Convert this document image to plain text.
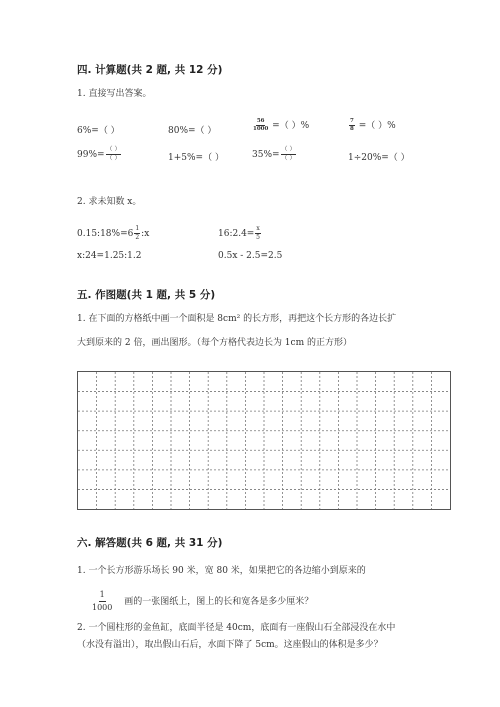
四. 计算题(共 2 题, 共 12 分)
1. 直接写出答案。
6%=（ ）	80%=（ ）	$\frac{56}{1000}$ =（ ）%	$\frac{7}{8}$ =（ ）%
$99\%= \frac{( )}{( )}$	1+5%=（ ）	$35\%= \frac{( )}{( )}$	1÷20%=（ ）
2. 求未知数 x。
0.15:18%=6 $\frac{1}{2}$ :x	16:2.4= $\frac{x}{5}$
x:24=1.25:1.2	0.5x - 2.5=2.5
五. 作图题(共 1 题, 共 5 分)
1. 在下面的方格纸中画一个面积是 8cm² 的长方形，再把这个长方形的各边长扩
大到原来的 2 倍，画出图形。（每个方格代表边长为 1cm 的正方形）
六. 解答题(共 6 题, 共 31 分)
1. 一个长方形游乐场长 90 米，宽 80 米，如果把它的各边缩小到原来的
$\frac{1}{1000}$ 画的一张图纸上，图上的长和宽各是多少厘米？
2. 一个圆柱形的金鱼缸，底面半径是 40cm，底面有一座假山石全部浸没在水中
（水没有溢出），取出假山石后，水面下降了 5cm。这座假山的体积是多少？
